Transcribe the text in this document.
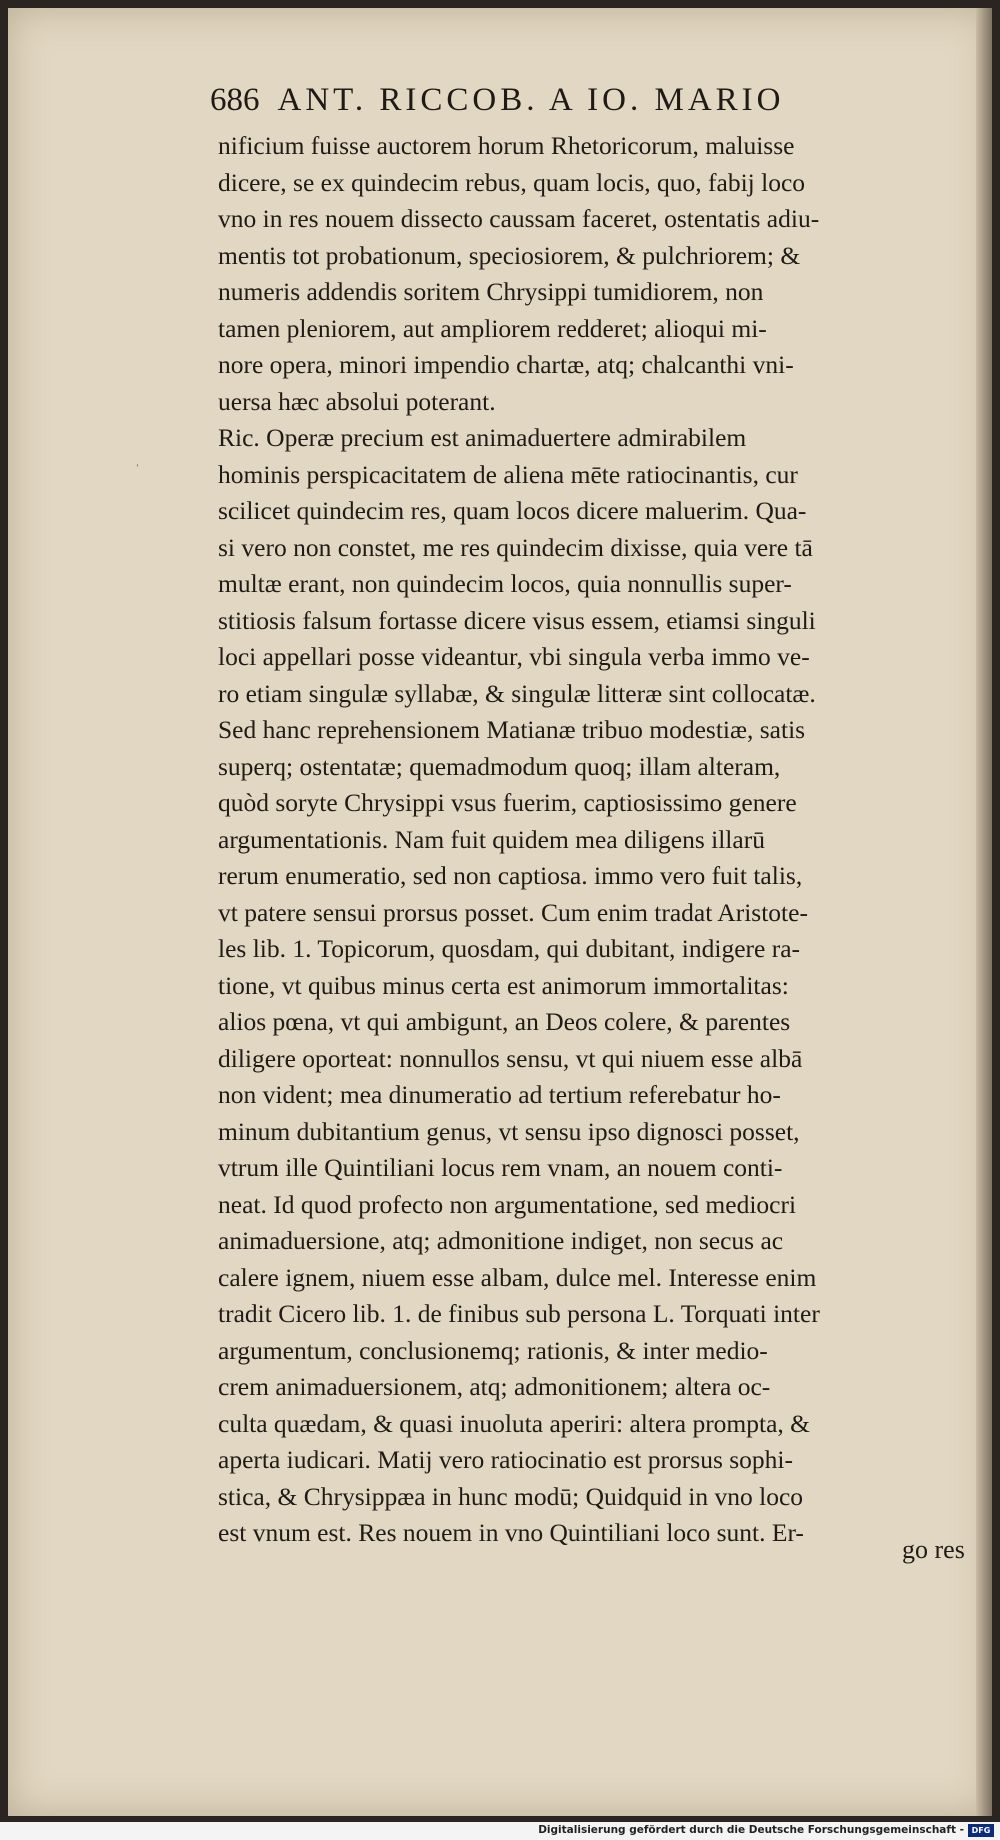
686 ANT. RICCOB. A IO. MARIO
ˈ
nificium fuisse auctorem horum Rhetoricorum, maluisse
dicere, se ex quindecim rebus, quam locis, quo, fabij loco
vno in res nouem dissecto caussam faceret, ostentatis adiu-
mentis tot probationum, speciosiorem, & pulchriorem; &
numeris addendis soritem Chrysippi tumidiorem, non
tamen pleniorem, aut ampliorem redderet; alioqui mi-
nore opera, minori impendio chartæ, atq; chalcanthi vni-
uersa hæc absolui poterant.
Ric. Operæ precium est animaduertere admirabilem
hominis perspicacitatem de aliena mēte ratiocinantis, cur
scilicet quindecim res, quam locos dicere maluerim. Qua-
si vero non constet, me res quindecim dixisse, quia vere tā
multæ erant, non quindecim locos, quia nonnullis super-
stitiosis falsum fortasse dicere visus essem, etiamsi singuli
loci appellari posse videantur, vbi singula verba immo ve-
ro etiam singulæ syllabæ, & singulæ litteræ sint collocatæ.
Sed hanc reprehensionem Matianæ tribuo modestiæ, satis
superq; ostentatæ; quemadmodum quoq; illam alteram,
quòd soryte Chrysippi vsus fuerim, captiosissimo genere
argumentationis. Nam fuit quidem mea diligens illarū
rerum enumeratio, sed non captiosa. immo vero fuit talis,
vt patere sensui prorsus posset. Cum enim tradat Aristote-
les lib. 1. Topicorum, quosdam, qui dubitant, indigere ra-
tione, vt quibus minus certa est animorum immortalitas:
alios pœna, vt qui ambigunt, an Deos colere, & parentes
diligere oporteat: nonnullos sensu, vt qui niuem esse albā
non vident; mea dinumeratio ad tertium referebatur ho-
minum dubitantium genus, vt sensu ipso dignosci posset,
vtrum ille Quintiliani locus rem vnam, an nouem conti-
neat. Id quod profecto non argumentatione, sed mediocri
animaduersione, atq; admonitione indiget, non secus ac
calere ignem, niuem esse albam, dulce mel. Interesse enim
tradit Cicero lib. 1. de finibus sub persona L. Torquati inter
argumentum, conclusionemq; rationis, & inter medio-
crem animaduersionem, atq; admonitionem; altera oc-
culta quædam, & quasi inuoluta aperiri: altera prompta, &
aperta iudicari. Matij vero ratiocinatio est prorsus sophi-
stica, & Chrysippæa in hunc modū; Quidquid in vno loco
est vnum est. Res nouem in vno Quintiliani loco sunt. Er-
go res
Digitalisierung gefördert durch die Deutsche Forschungsgemeinschaft - DFG
